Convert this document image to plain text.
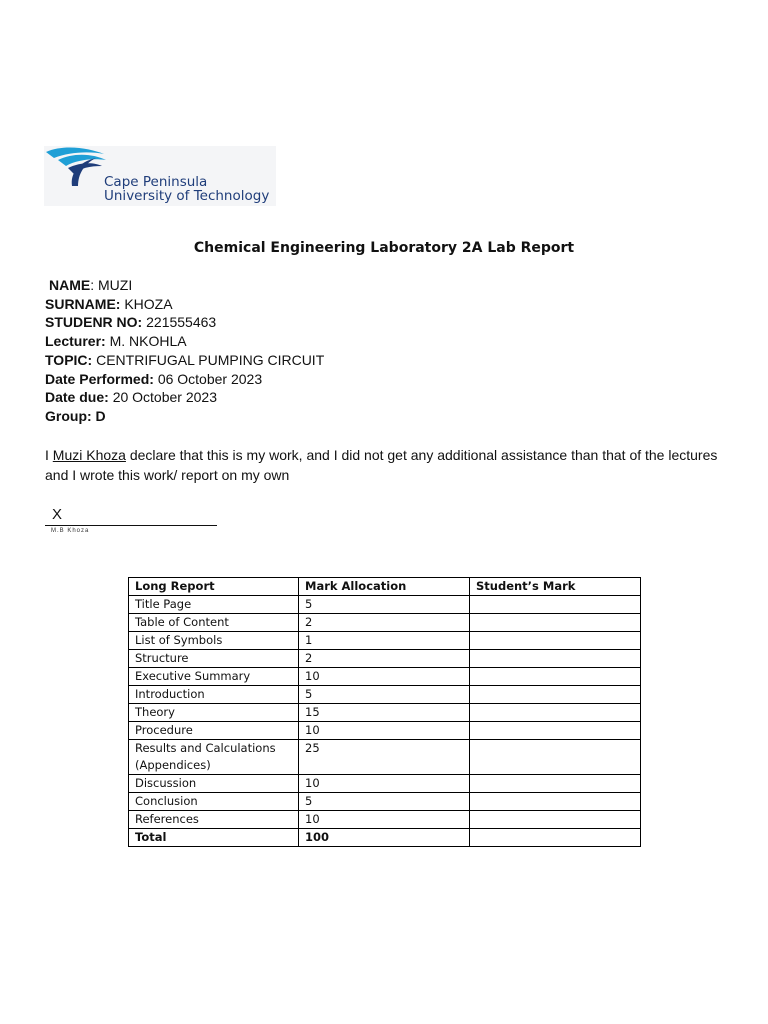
Cape Peninsula
University of Technology
Chemical Engineering Laboratory 2A Lab Report
NAME: MUZI
SURNAME: KHOZA
STUDENR NO: 221555463
Lecturer: M. NKOHLA
TOPIC: CENTRIFUGAL PUMPING CIRCUIT
Date Performed: 06 October 2023
Date due: 20 October 2023
Group: D
I Muzi Khoza declare that this is my work, and I did not get any additional assistance than that of the lectures and I wrote this work/ report on my own
X
M.B Khoza
Long Report	Mark Allocation	Student’s Mark
Title Page	5	
Table of Content	2	
List of Symbols	1	
Structure	2	
Executive Summary	10	
Introduction	5	
Theory	15	
Procedure	10	
Results and Calculations (Appendices)	25	
Discussion	10	
Conclusion	5	
References	10	
Total	100	
